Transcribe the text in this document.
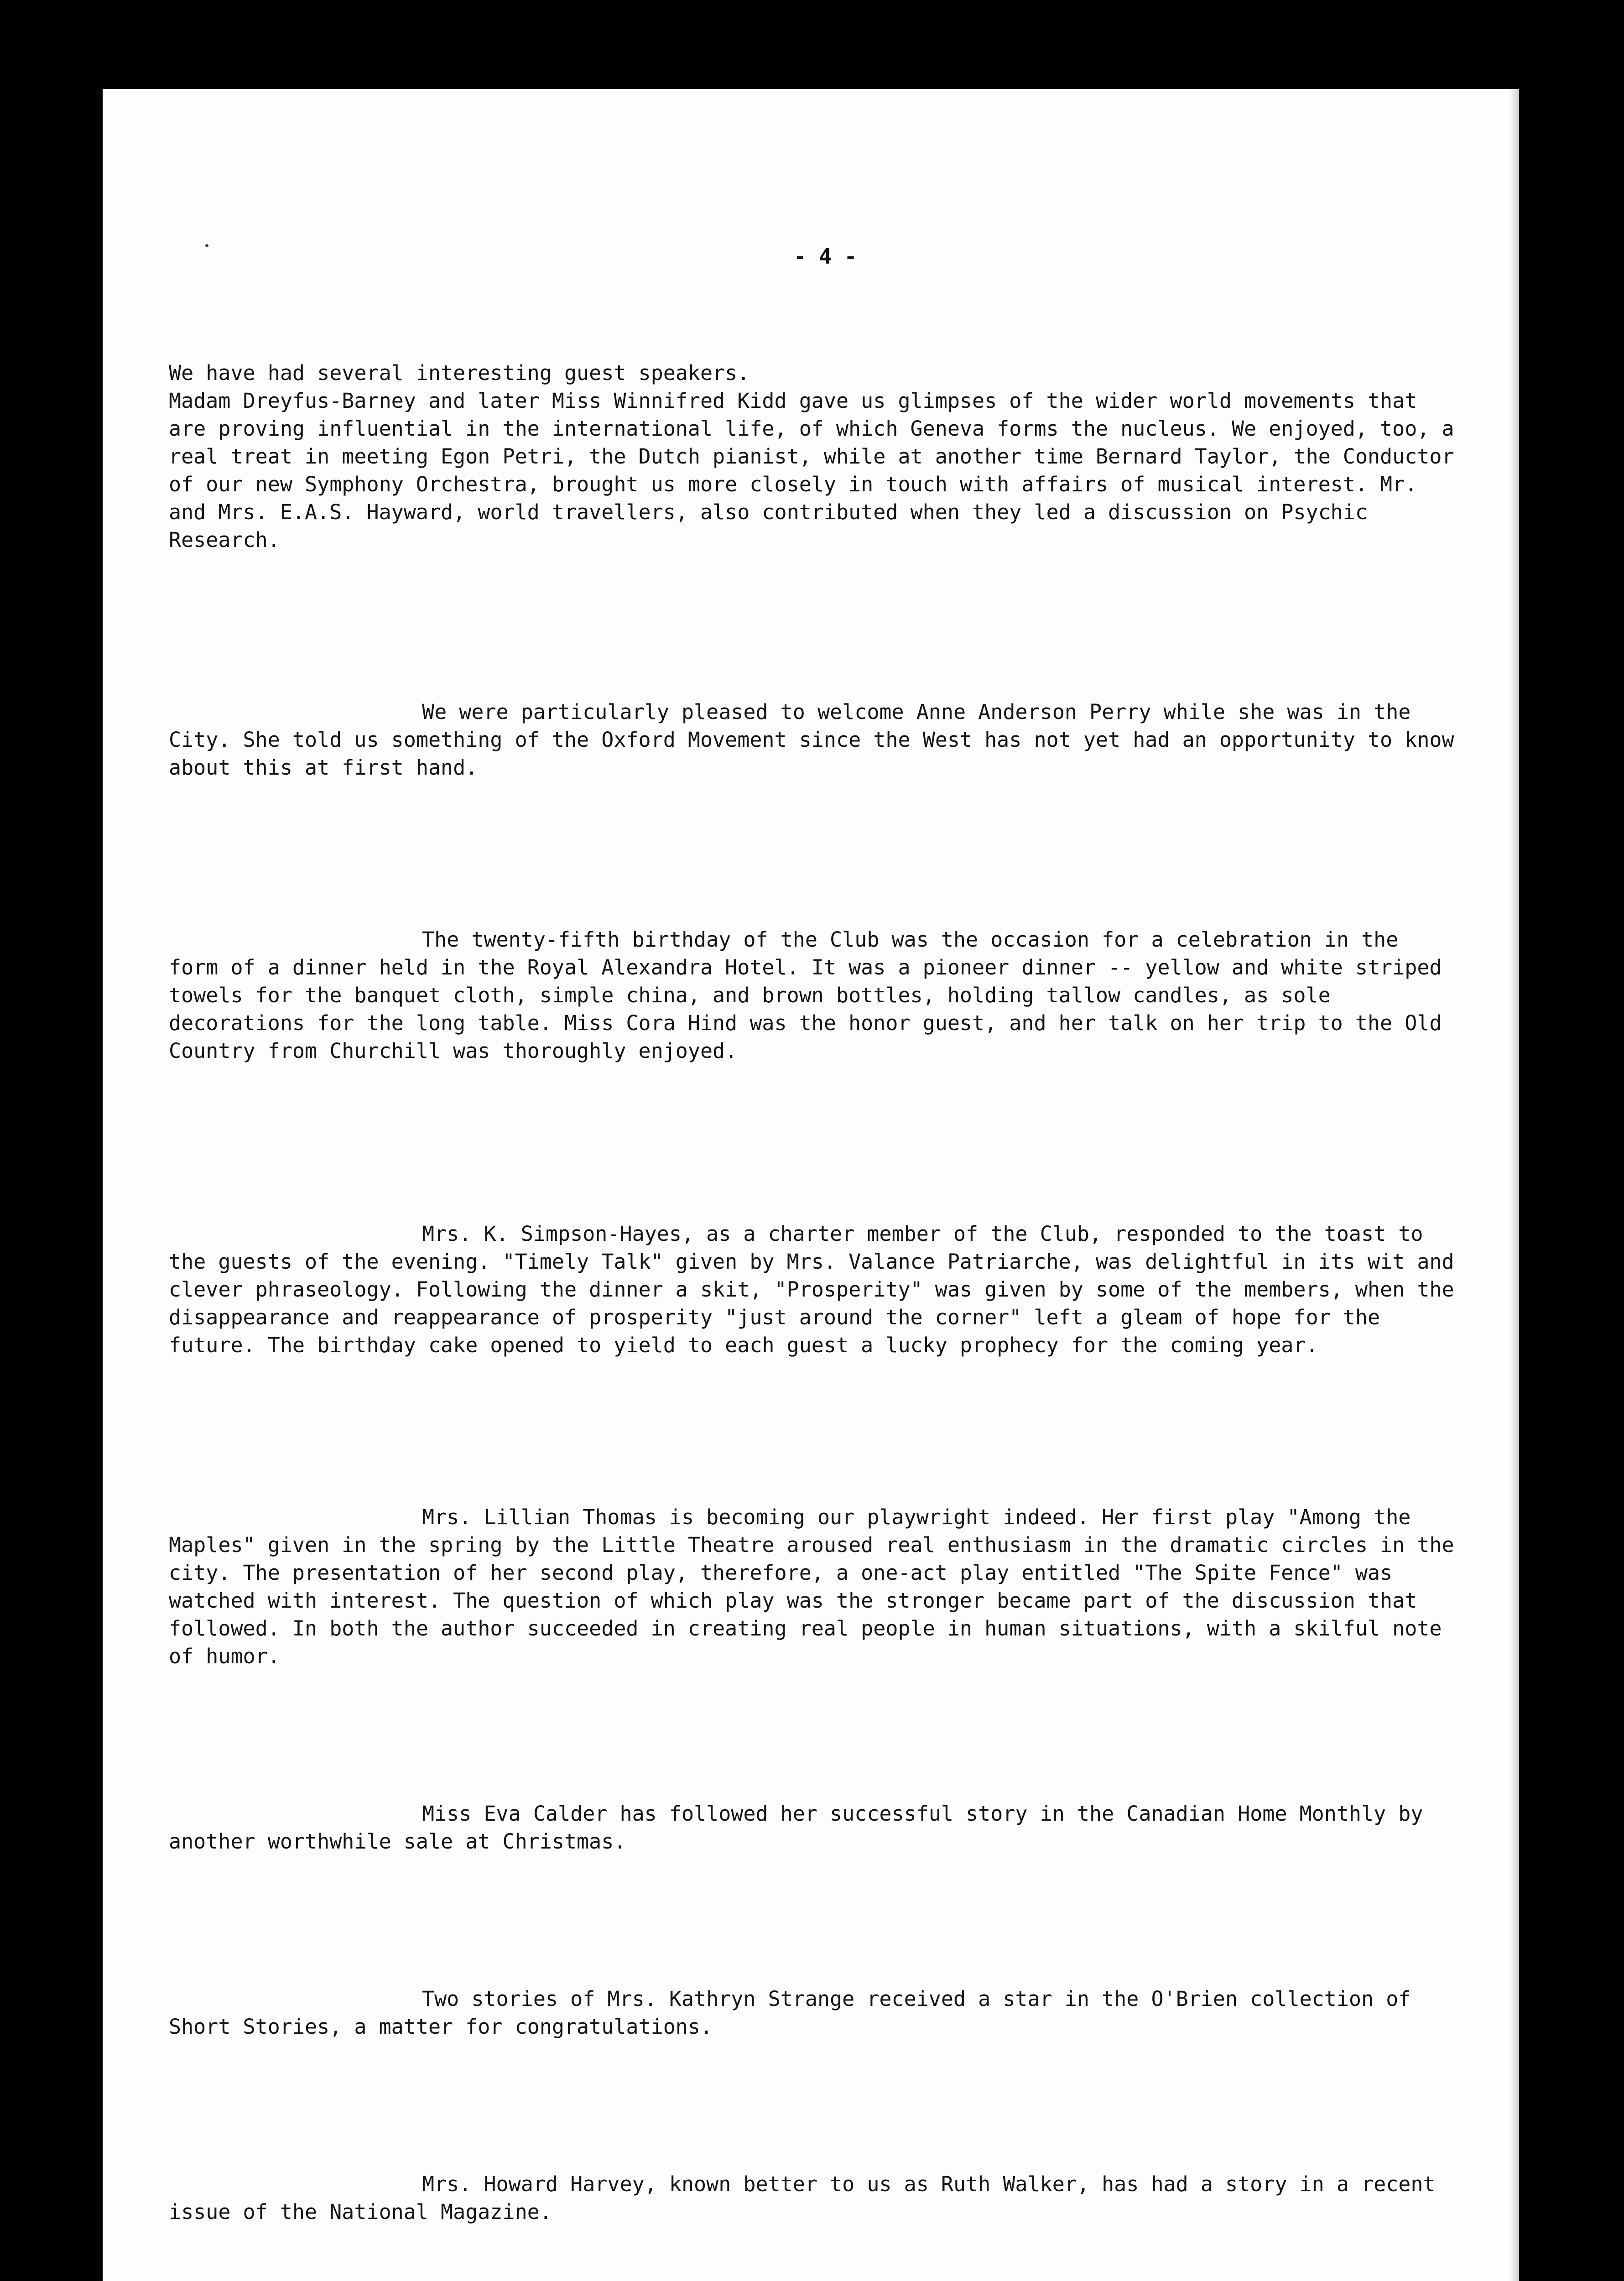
- 4 -

We have had several interesting guest speakers.
Madam Dreyfus-Barney and later Miss Winnifred Kidd gave us glimpses of the wider world movements that are proving influential in the international life, of which Geneva forms the nucleus. We enjoyed, too, a real treat in meeting Egon Petri, the Dutch pianist, while at another time Bernard Taylor, the Conductor of our new Symphony Orchestra, brought us more closely in touch with affairs of musical interest. Mr. and Mrs. E.A.S. Hayward, world travellers, also contributed when they led a discussion on Psychic Research.

We were particularly pleased to welcome Anne Anderson Perry while she was in the City. She told us something of the Oxford Movement since the West has not yet had an opportunity to know about this at first hand.

The twenty-fifth birthday of the Club was the occasion for a celebration in the form of a dinner held in the Royal Alexandra Hotel. It was a pioneer dinner -- yellow and white striped towels for the banquet cloth, simple china, and brown bottles, holding tallow candles, as sole decorations for the long table. Miss Cora Hind was the honor guest, and her talk on her trip to the Old Country from Churchill was thoroughly enjoyed.

Mrs. K. Simpson-Hayes, as a charter member of the Club, responded to the toast to the guests of the evening. "Timely Talk" given by Mrs. Valance Patriarche, was delightful in its wit and clever phraseology. Following the dinner a skit, "Prosperity" was given by some of the members, when the disappearance and reappearance of prosperity "just around the corner" left a gleam of hope for the future. The birthday cake opened to yield to each guest a lucky prophecy for the coming year.

Mrs. Lillian Thomas is becoming our playwright indeed. Her first play "Among the Maples" given in the spring by the Little Theatre aroused real enthusiasm in the dramatic circles in the city. The presentation of her second play, therefore, a one-act play entitled "The Spite Fence" was watched with interest. The question of which play was the stronger became part of the discussion that followed. In both the author succeeded in creating real people in human situations, with a skilful note of humor.

Miss Eva Calder has followed her successful story in the Canadian Home Monthly by another worthwhile sale at Christmas.

Two stories of Mrs. Kathryn Strange received a star in the O'Brien collection of Short Stories, a matter for congratulations.

Mrs. Howard Harvey, known better to us as Ruth Walker, has had a story in a recent issue of the National Magazine.
